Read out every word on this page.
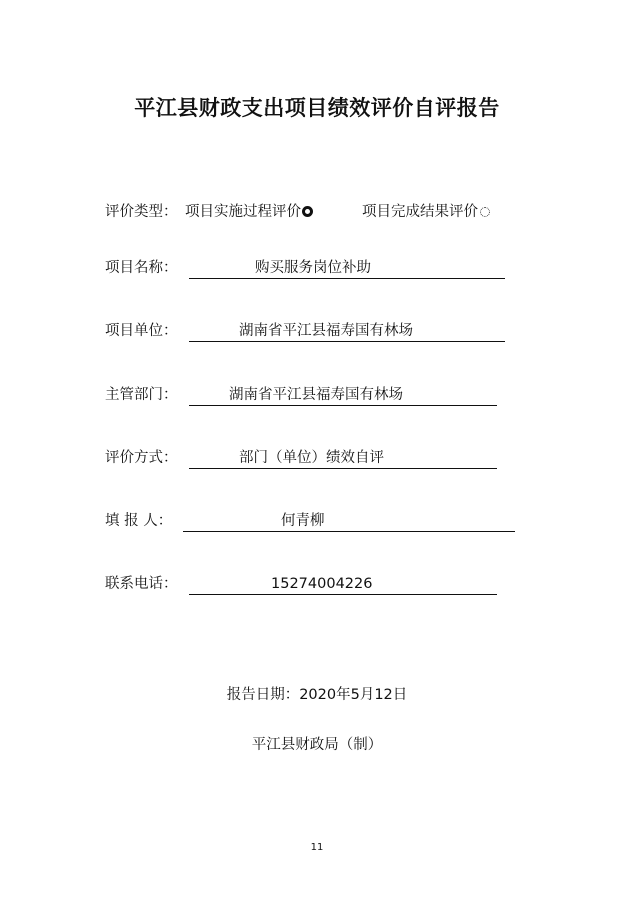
平江县财政支出项目绩效评价自评报告
评价类型： 项目实施过程评价	项目完成结果评价
项目名称：	购买服务岗位补助
项目单位：	湖南省平江县福寿国有林场
主管部门：	湖南省平江县福寿国有林场
评价方式：	部门（单位）绩效自评
填 报 人：	何青柳
联系电话：	15274004226
报告日期：2020年5月12日
平江县财政局（制）
11
